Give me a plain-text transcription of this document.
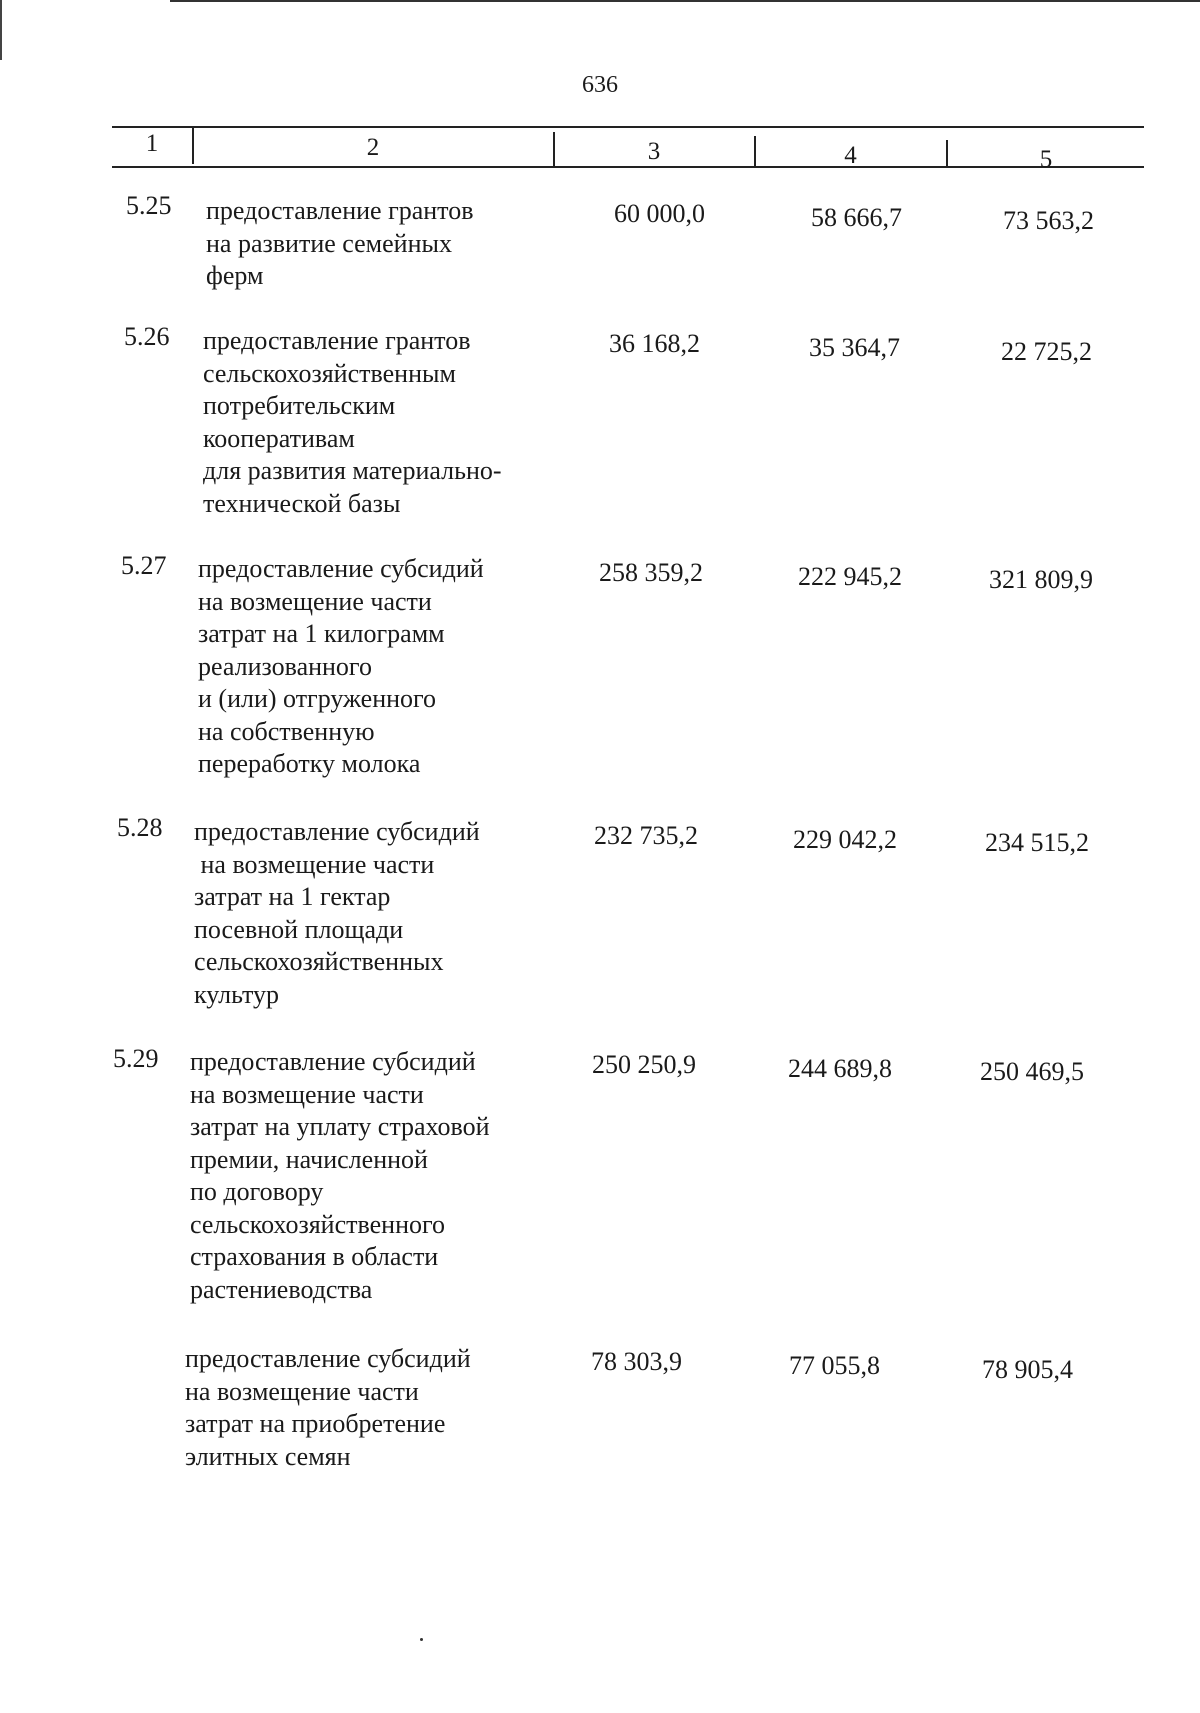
636
1	2	3	4	5
5.25 предоставление грантов
на развитие семейных
ферм
60 000,0	58 666,7	73 563,2
5.26 предоставление грантов
сельскохозяйственным
потребительским
кооперативам
для развития материально-
технической базы
36 168,2	35 364,7	22 725,2
5.27 предоставление субсидий
на возмещение части
затрат на 1 килограмм
реализованного
и (или) отгруженного
на собственную
переработку молока
258 359,2	222 945,2	321 809,9
5.28 предоставление субсидий
на возмещение части
затрат на 1 гектар
посевной площади
сельскохозяйственных
культур
232 735,2	229 042,2	234 515,2
5.29 предоставление субсидий
на возмещение части
затрат на уплату страховой
премии, начисленной
по договору
сельскохозяйственного
страхования в области
растениеводства
250 250,9	244 689,8	250 469,5
предоставление субсидий
на возмещение части
затрат на приобретение
элитных семян
78 303,9	77 055,8	78 905,4
